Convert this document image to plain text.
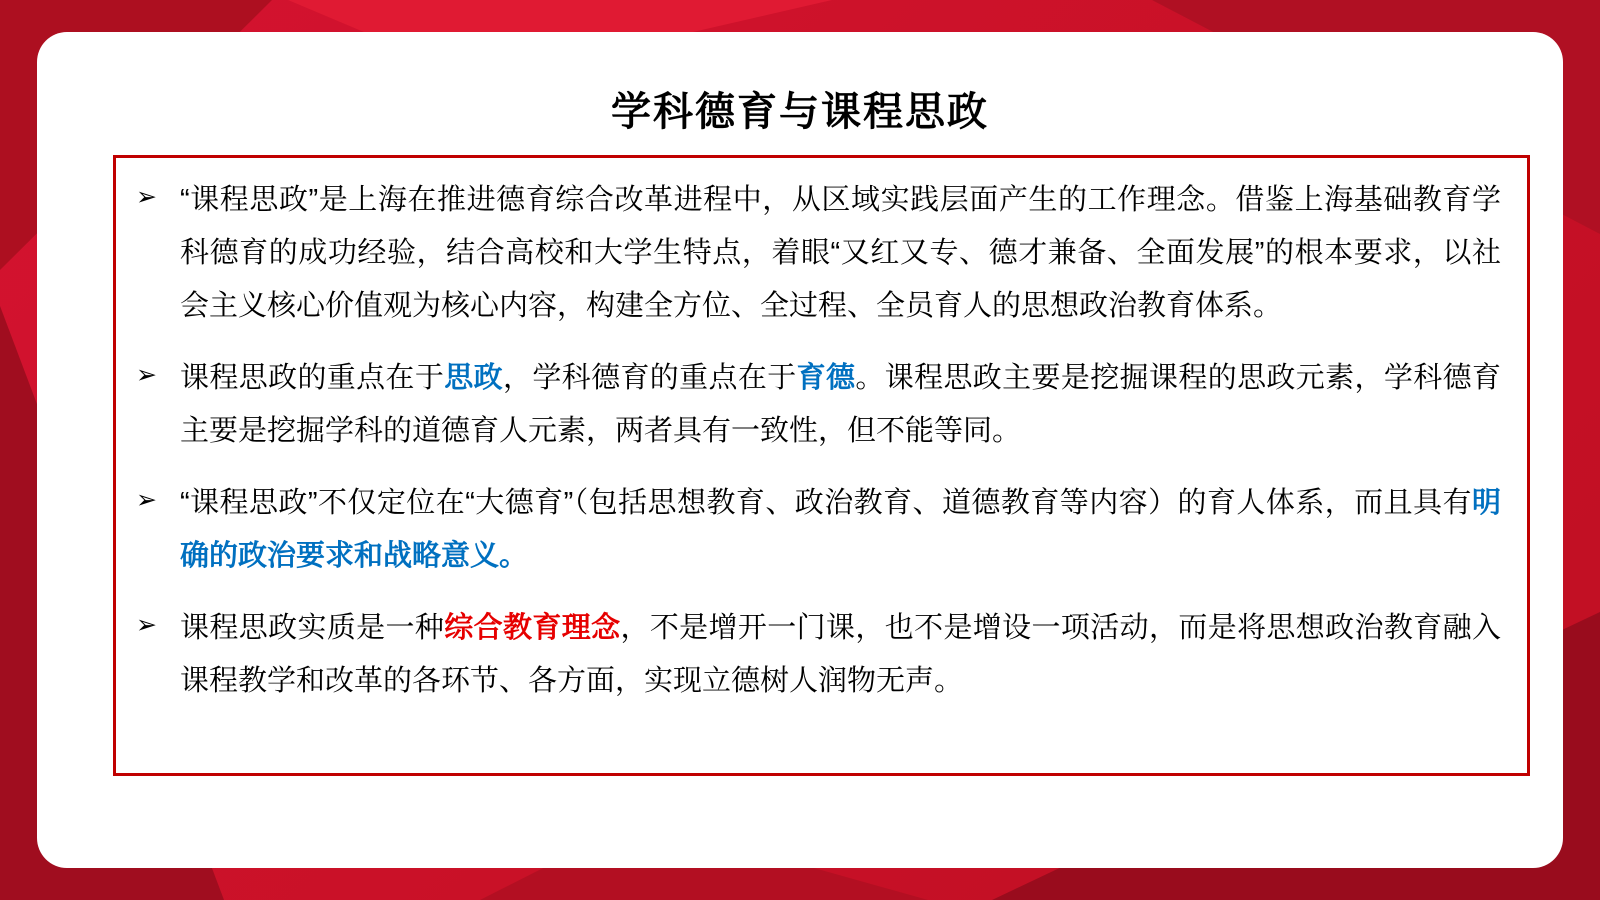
学科德育与课程思政
➢ “课程思政”是上海在推进德育综合改革进程中，从区域实践层面产生的工作理念。借鉴上海基础教育学科德育的成功经验，结合高校和大学生特点，着眼“又红又专、德才兼备、全面发展”的根本要求，以社会主义核心价值观为核心内容，构建全方位、全过程、全员育人的思想政治教育体系。

➢ 课程思政的重点在于思政，学科德育的重点在于育德。课程思政主要是挖掘课程的思政元素，学科德育主要是挖掘学科的道德育人元素，两者具有一致性，但不能等同。

➢ “课程思政”不仅定位在“大德育”（包括思想教育、政治教育、道德教育等内容）的育人体系，而且具有明确的政治要求和战略意义。

➢ 课程思政实质是一种综合教育理念，不是增开一门课，也不是增设一项活动，而是将思想政治教育融入课程教学和改革的各环节、各方面，实现立德树人润物无声。
